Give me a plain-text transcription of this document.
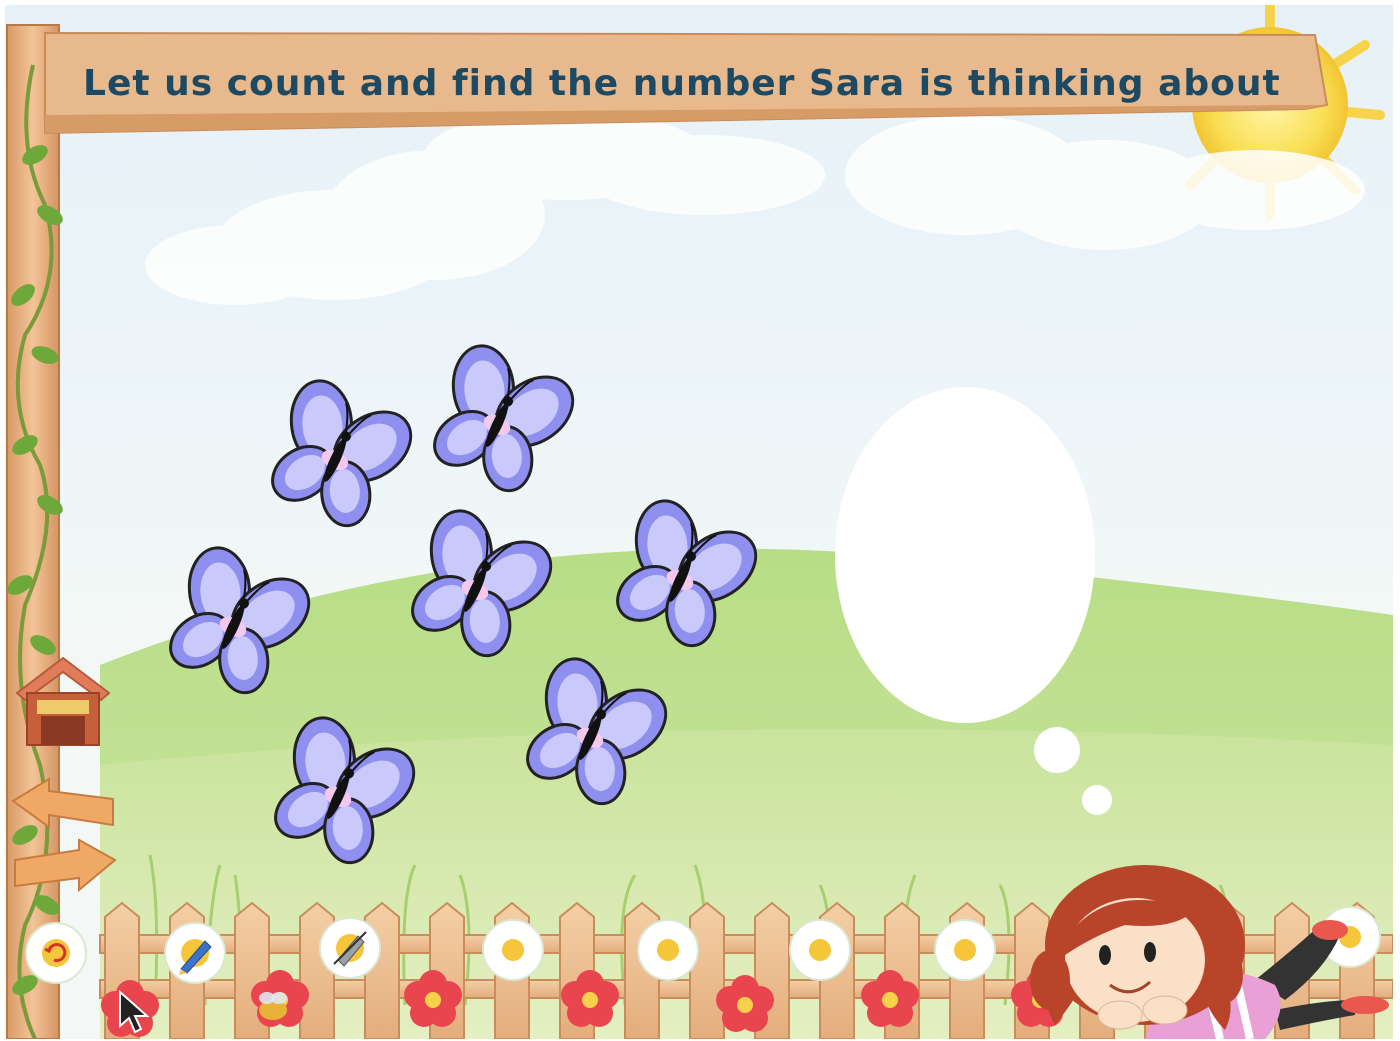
Let us count and find the number Sara is thinking about
